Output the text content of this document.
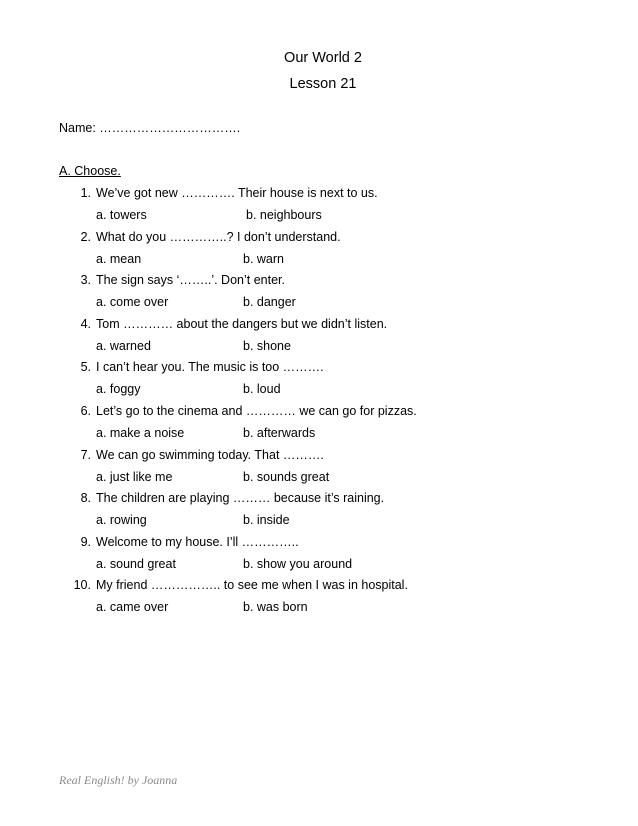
Our World 2
Lesson 21
Name: …………………………….
A. Choose.
1. We’ve got new …………. Their house is next to us.
a. towers	b. neighbours
2. What do you …………..? I don’t understand.
a. mean	b. warn
3. The sign says ‘……..’. Don’t enter.
a. come over	b. danger
4. Tom ………… about the dangers but we didn’t listen.
a. warned	b. shone
5. I can’t hear you. The music is too ……….
a. foggy	b. loud
6. Let’s go to the cinema and ………… we can go for pizzas.
a. make a noise	b. afterwards
7. We can go swimming today. That ……….
a. just like me	b. sounds great
8. The children are playing ……… because it’s raining.
a. rowing	b. inside
9. Welcome to my house. I’ll …………..
a. sound great	b. show you around
10. My friend …………….. to see me when I was in hospital.
a. came over	b. was born
Real English! by Joanna
